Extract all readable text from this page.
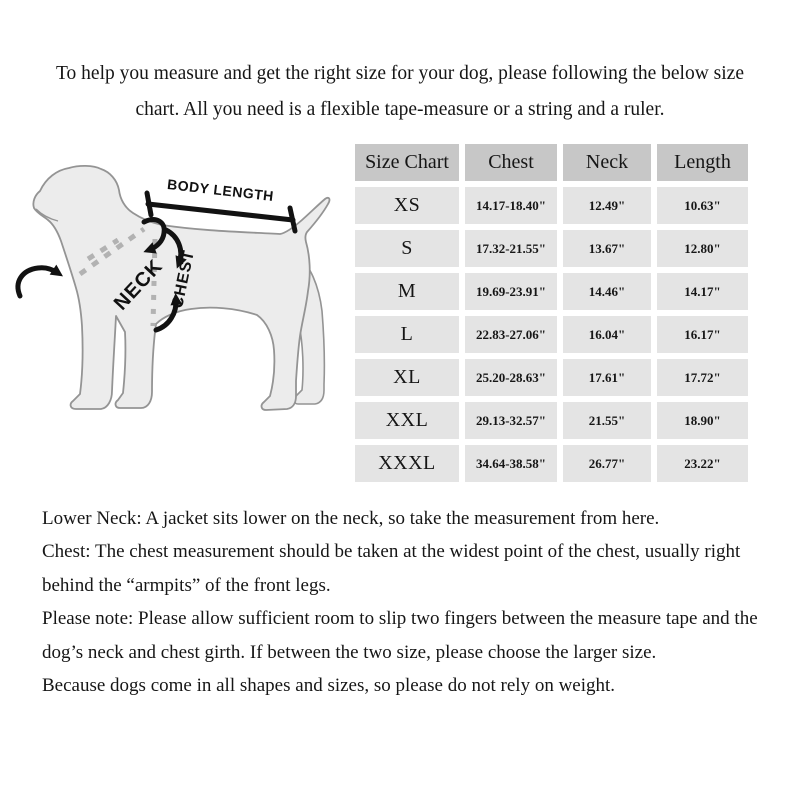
To help you measure and get the right size for your dog, please following the below size chart. All you need is a flexible tape-measure or a string and a ruler.
BODY LENGTH
NECK CHEST
Size Chart	Chest	Neck	Length
XS	14.17-18.40"	12.49"	10.63"
S	17.32-21.55"	13.67"	12.80"
M	19.69-23.91"	14.46"	14.17"
L	22.83-27.06"	16.04"	16.17"
XL	25.20-28.63"	17.61"	17.72"
XXL	29.13-32.57"	21.55"	18.90"
XXXL	34.64-38.58"	26.77"	23.22"

Lower Neck: A jacket sits lower on the neck, so take the measurement from here.

Chest: The chest measurement should be taken at the widest point of the chest, usually right behind the “armpits” of the front legs.

Please note: Please allow sufficient room to slip two fingers between the measure tape and the dog’s neck and chest girth. If between the two size, please choose the larger size.

Because dogs come in all shapes and sizes, so please do not rely on weight.
